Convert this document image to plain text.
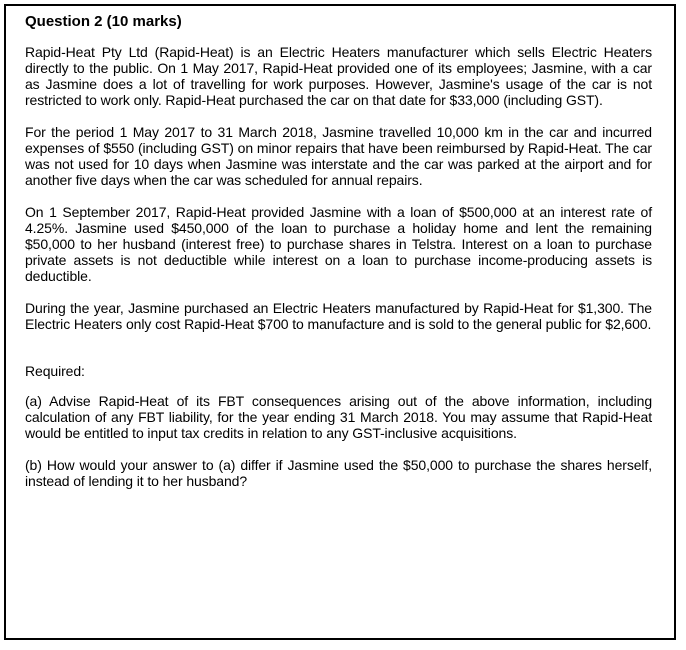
Question 2 (10 marks)
Rapid-Heat Pty Ltd (Rapid-Heat) is an Electric Heaters manufacturer which sells Electric Heaters directly to the public. On 1 May 2017, Rapid-Heat provided one of its employees; Jasmine, with a car as Jasmine does a lot of travelling for work purposes. However, Jasmine's usage of the car is not restricted to work only. Rapid-Heat purchased the car on that date for $33,000 (including GST).
For the period 1 May 2017 to 31 March 2018, Jasmine travelled 10,000 km in the car and incurred expenses of $550 (including GST) on minor repairs that have been reimbursed by Rapid-Heat. The car was not used for 10 days when Jasmine was interstate and the car was parked at the airport and for another five days when the car was scheduled for annual repairs.
On 1 September 2017, Rapid-Heat provided Jasmine with a loan of $500,000 at an interest rate of 4.25%. Jasmine used $450,000 of the loan to purchase a holiday home and lent the remaining $50,000 to her husband (interest free) to purchase shares in Telstra. Interest on a loan to purchase private assets is not deductible while interest on a loan to purchase income-producing assets is deductible.
During the year, Jasmine purchased an Electric Heaters manufactured by Rapid-Heat for $1,300. The Electric Heaters only cost Rapid-Heat $700 to manufacture and is sold to the general public for $2,600.
Required:
(a) Advise Rapid-Heat of its FBT consequences arising out of the above information, including calculation of any FBT liability, for the year ending 31 March 2018. You may assume that Rapid-Heat would be entitled to input tax credits in relation to any GST-inclusive acquisitions.
(b) How would your answer to (a) differ if Jasmine used the $50,000 to purchase the shares herself, instead of lending it to her husband?
